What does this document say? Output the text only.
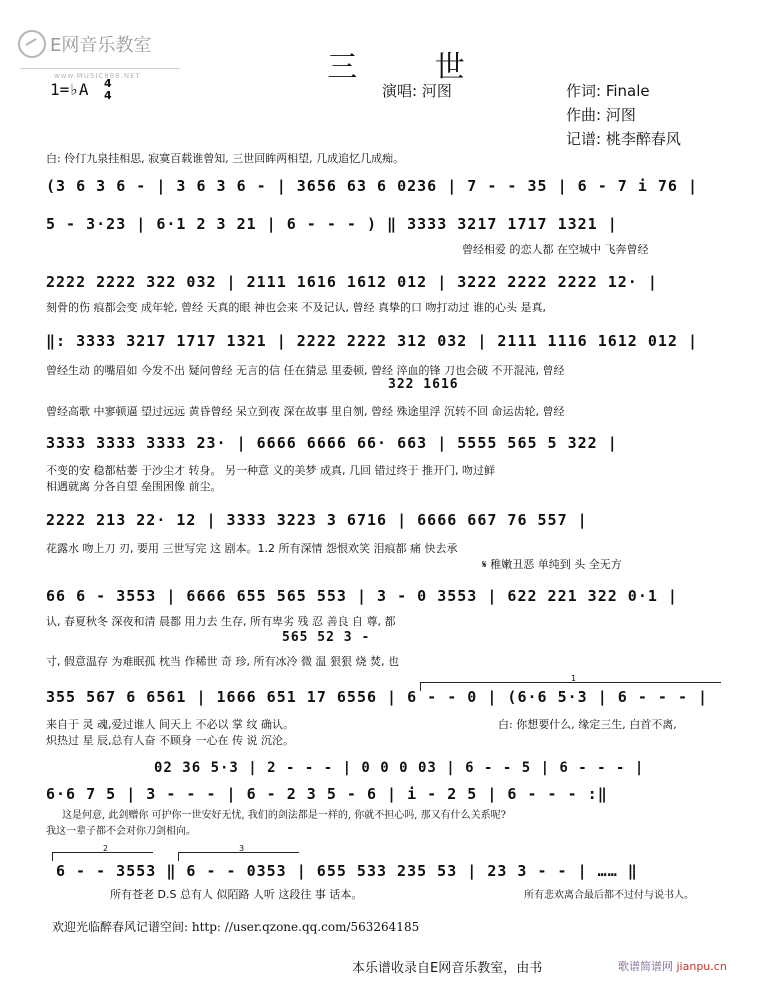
E网音乐教室
www.MUSIC888.NET	三 世
1=♭A 4
4	演唱: 河图	作词: Finale
作曲: 河图
记谱: 桃李醉春风
白: 伶仃九泉挂相思, 寂寞百载谁曾知, 三世回眸两相望, 几成追忆几成痴。
(3 6 3 6 - | 3 6 3 6 - | 3656 63 6 0236 | 7 - - 35 | 6 - 7 i 76 |
5 - 3·23 | 6·1 2 3 21 | 6 - - - ) ‖ 3333 3217 1717 1321 |
曾经相爱 的恋人都 在空城中 飞奔曾经
2222 2222 322 032 | 2111 1616 1612 012 | 3222 2222 2222 12· |
刻骨的伤 痕都会变 成年轮, 曾经 天真的眼 神也会来 不及记认, 曾经 真挚的口 吻打动过 谁的心头 是真,
‖: 3333 3217 1717 1321 | 2222 2222 312 032 | 2111 1116 1612 012 |
曾经生动 的嘴眉如 今发不出 疑问曾经 无言的信 任在猜忌 里委顿, 曾经 淬血的锋 刀也会破 不开混沌, 曾经
322 1616
曾经高歌 中寥顿逼 望过远远 黄昏曾经 呆立到夜 深在故事 里自刎, 曾经 殊途里浮 沉转不回 命运齿轮, 曾经
3333 3333 3333 23· | 6666 6666 66· 663 | 5555 565 5 322 |
不变的安 稳都枯萎 于沙尘才 转身。 另一种意 义的美梦 成真, 几回 错过终于 推开门, 吻过鲜
相遇就离 分各自望 垒围困像 前尘。
2222 213 22· 12 | 3333 3223 3 6716 | 6666 667 76 557 |
花露水 吻上刀 刃, 要用 三世写完 这 剧本。1.2 所有深情 怨恨欢笑 泪痕都 痛 快去承
𝄋 稚嫩丑恶 单纯到 头 全无方
66 6 - 3553 | 6666 655 565 553 | 3 - 0 3553 | 622 221 322 0·1 |
认, 春夏秋冬 深夜和清 晨都 用力去 生存, 所有卑劣 残 忍 善良 自 尊, 都
565 52 3 -
寸, 假意温存 为难眠孤 枕当 作稀世 奇 珍, 所有冰冷 微 温 狠狠 烧 焚, 也
355 567 6 6561 | 1666 651 17 6556 | 6 - - 0 | (6·6 5·3 | 6 - - - |
来自于 灵 魂,爱过谁人 间天上 不必以 掌 纹 确认。
炽热过 星 辰,总有人奋 不顾身 一心在 传 说 沉沦。
白: 你想要什么, 缘定三生, 白首不离,
1
02 36 5·3 | 2 - - - | 0 0 0 03 | 6 - - 5 | 6 - - - |
6·6 7 5 | 3 - - - | 6 - 2 3 5 - 6 | i - 2 5 | 6 - - - :‖
这是何意, 此剑赠你 可护你一世安好无忧, 我们的剑法都是一样的, 你就不担心吗, 那又有什么关系呢?
我这一辈子都不会对你刀剑相向。
2	3
6 - - 3553 ‖ 6 - - 0353 | 655 533 235 53 | 23 3 - - | …… ‖
所有苍老 D.S 总有人 似陌路 人听 这段往 事 话本。	所有悲欢离合最后都不过付与说书人。
欢迎光临醉春风记谱空间: http: //user.qzone.qq.com/563264185
本乐谱收录自E网音乐教室，由书	歌谱简谱网 jianpu.cn
